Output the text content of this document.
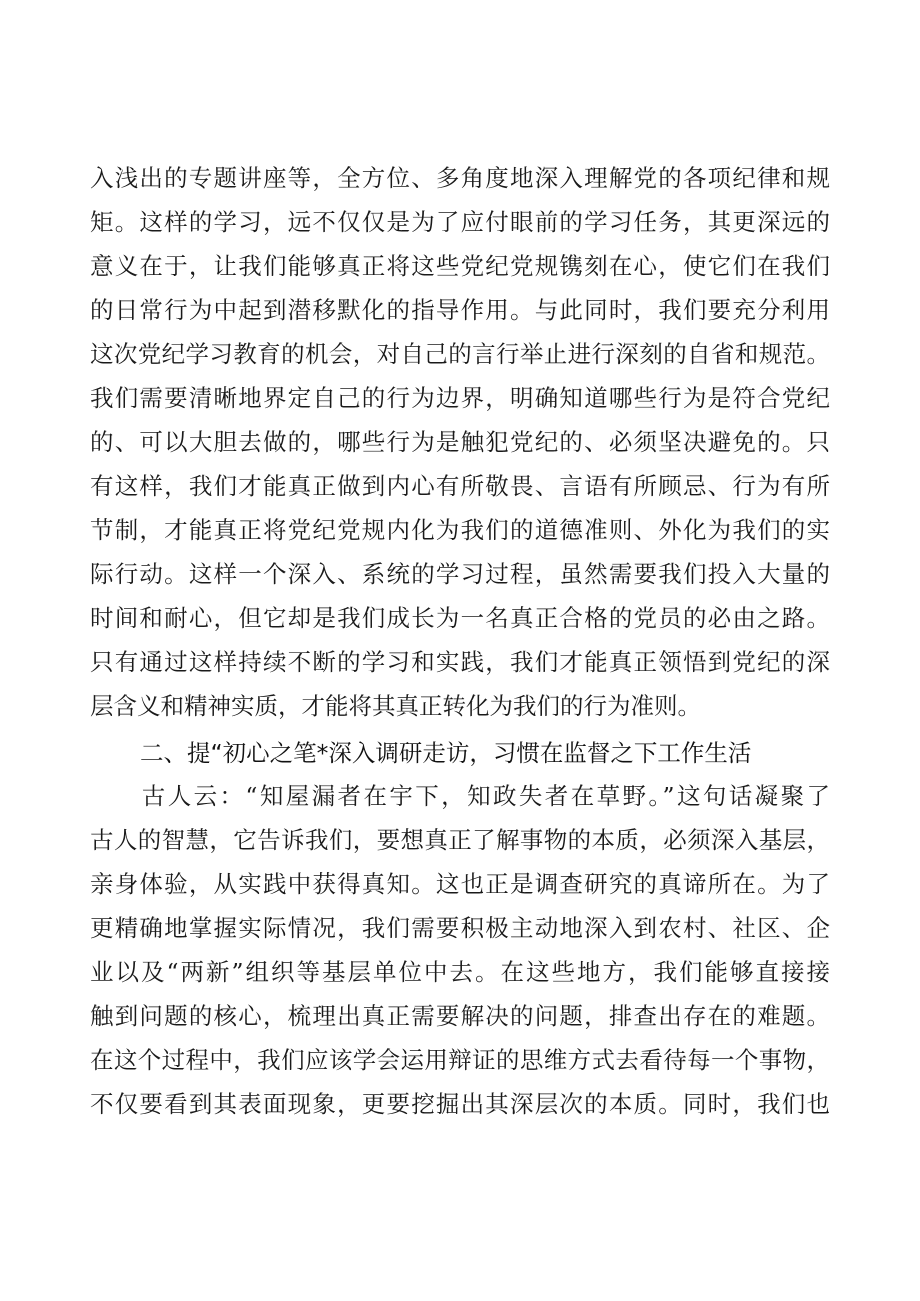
入浅出的专题讲座等，全方位、多角度地深入理解党的各项纪律和规
矩。这样的学习，远不仅仅是为了应付眼前的学习任务，其更深远的
意义在于，让我们能够真正将这些党纪党规镌刻在心，使它们在我们
的日常行为中起到潜移默化的指导作用。与此同时，我们要充分利用
这次党纪学习教育的机会，对自己的言行举止进行深刻的自省和规范。
我们需要清晰地界定自己的行为边界，明确知道哪些行为是符合党纪
的、可以大胆去做的，哪些行为是触犯党纪的、必须坚决避免的。只
有这样，我们才能真正做到内心有所敬畏、言语有所顾忌、行为有所
节制，才能真正将党纪党规内化为我们的道德准则、外化为我们的实
际行动。这样一个深入、系统的学习过程，虽然需要我们投入大量的
时间和耐心，但它却是我们成长为一名真正合格的党员的必由之路。
只有通过这样持续不断的学习和实践，我们才能真正领悟到党纪的深
层含义和精神实质，才能将其真正转化为我们的行为准则。
二、提“初心之笔*深入调研走访，习惯在监督之下工作生活
　　古人云：“知屋漏者在宇下，知政失者在草野。”这句话凝聚了
古人的智慧，它告诉我们，要想真正了解事物的本质，必须深入基层，
亲身体验，从实践中获得真知。这也正是调查研究的真谛所在。为了
更精确地掌握实际情况，我们需要积极主动地深入到农村、社区、企
业以及“两新”组织等基层单位中去。在这些地方，我们能够直接接
触到问题的核心，梳理出真正需要解决的问题，排查出存在的难题。
在这个过程中，我们应该学会运用辩证的思维方式去看待每一个事物，
不仅要看到其表面现象，更要挖掘出其深层次的本质。同时，我们也
